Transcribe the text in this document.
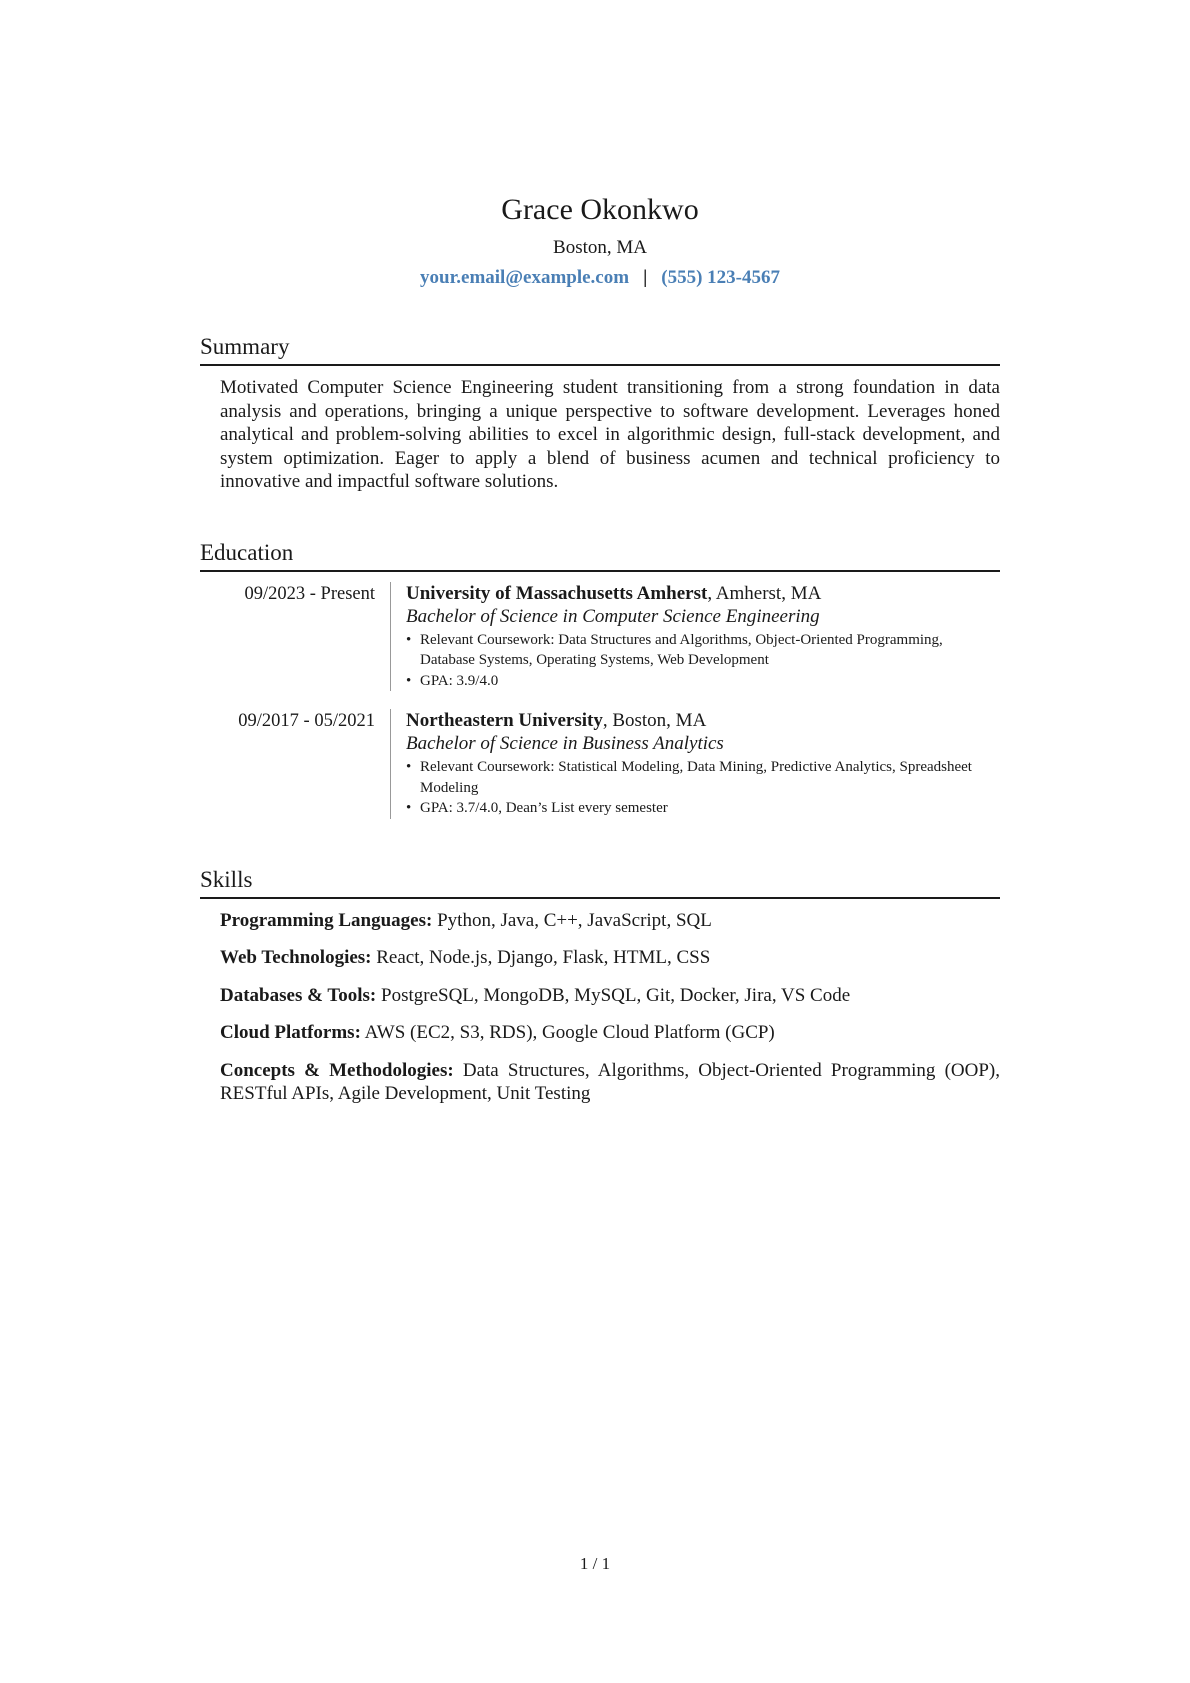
Grace Okonkwo
Boston, MA
your.email@example.com | (555) 123-4567
Summary

Motivated Computer Science Engineering student transitioning from a strong foundation in data analysis and operations, bringing a unique perspective to software development. Leverages honed analytical and problem-solving abilities to excel in algorithmic design, full-stack development, and system optimization. Eager to apply a blend of business acumen and technical proficiency to innovative and impactful software solutions.

Education
09/2023 - Present	University of Massachusetts Amherst, Amherst, MA
Bachelor of Science in Computer Science Engineering
• Relevant Coursework: Data Structures and Algorithms, Object-Oriented Programming, Database Systems, Operating Systems, Web Development
• GPA: 3.9/4.0
09/2017 - 05/2021	Northeastern University, Boston, MA
Bachelor of Science in Business Analytics
• Relevant Coursework: Statistical Modeling, Data Mining, Predictive Analytics, Spreadsheet Modeling
• GPA: 3.7/4.0, Dean’s List every semester
Skills
Programming Languages: Python, Java, C++, JavaScript, SQL
Web Technologies: React, Node.js, Django, Flask, HTML, CSS
Databases & Tools: PostgreSQL, MongoDB, MySQL, Git, Docker, Jira, VS Code
Cloud Platforms: AWS (EC2, S3, RDS), Google Cloud Platform (GCP)
Concepts & Methodologies: Data Structures, Algorithms, Object-Oriented Programming (OOP), RESTful APIs, Agile Development, Unit Testing
1 / 1
